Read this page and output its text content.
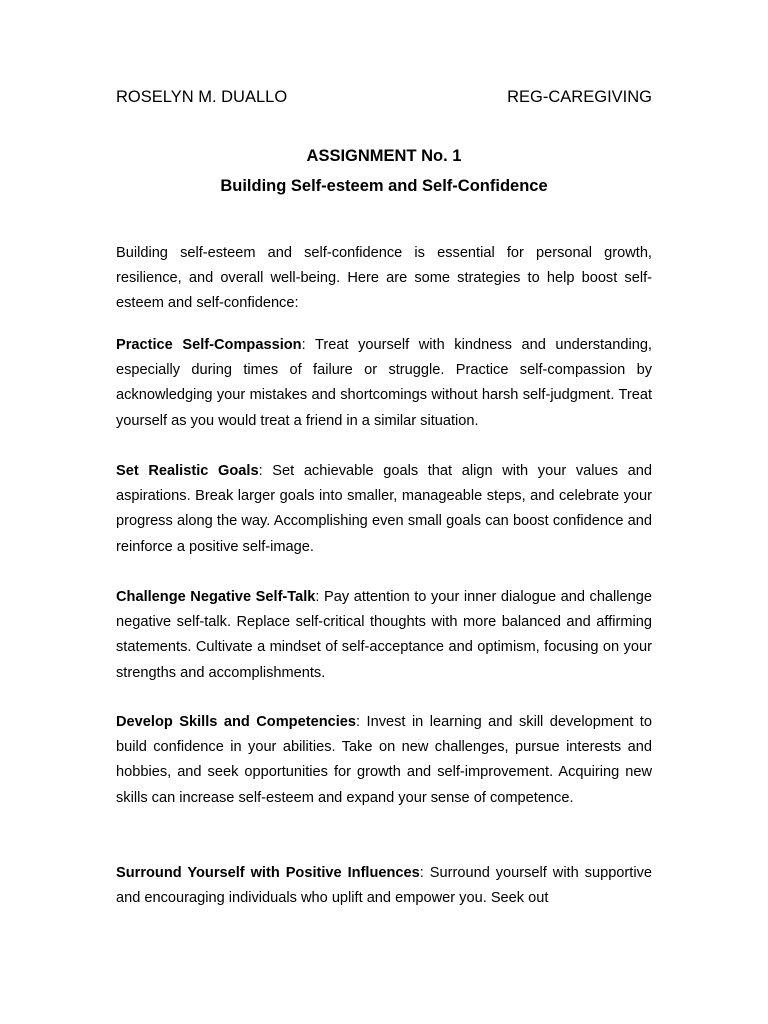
ROSELYN M. DUALLO	REG-CAREGIVING
ASSIGNMENT No. 1
Building Self-esteem and Self-Confidence

Building self-esteem and self-confidence is essential for personal growth, resilience, and overall well-being. Here are some strategies to help boost self-esteem and self-confidence:

Practice Self-Compassion: Treat yourself with kindness and understanding, especially during times of failure or struggle. Practice self-compassion by acknowledging your mistakes and shortcomings without harsh self-judgment. Treat yourself as you would treat a friend in a similar situation.

Set Realistic Goals: Set achievable goals that align with your values and aspirations. Break larger goals into smaller, manageable steps, and celebrate your progress along the way. Accomplishing even small goals can boost confidence and reinforce a positive self-image.

Challenge Negative Self-Talk: Pay attention to your inner dialogue and challenge negative self-talk. Replace self-critical thoughts with more balanced and affirming statements. Cultivate a mindset of self-acceptance and optimism, focusing on your strengths and accomplishments.

Develop Skills and Competencies: Invest in learning and skill development to build confidence in your abilities. Take on new challenges, pursue interests and hobbies, and seek opportunities for growth and self-improvement. Acquiring new skills can increase self-esteem and expand your sense of competence.

Surround Yourself with Positive Influences: Surround yourself with supportive and encouraging individuals who uplift and empower you. Seek out
